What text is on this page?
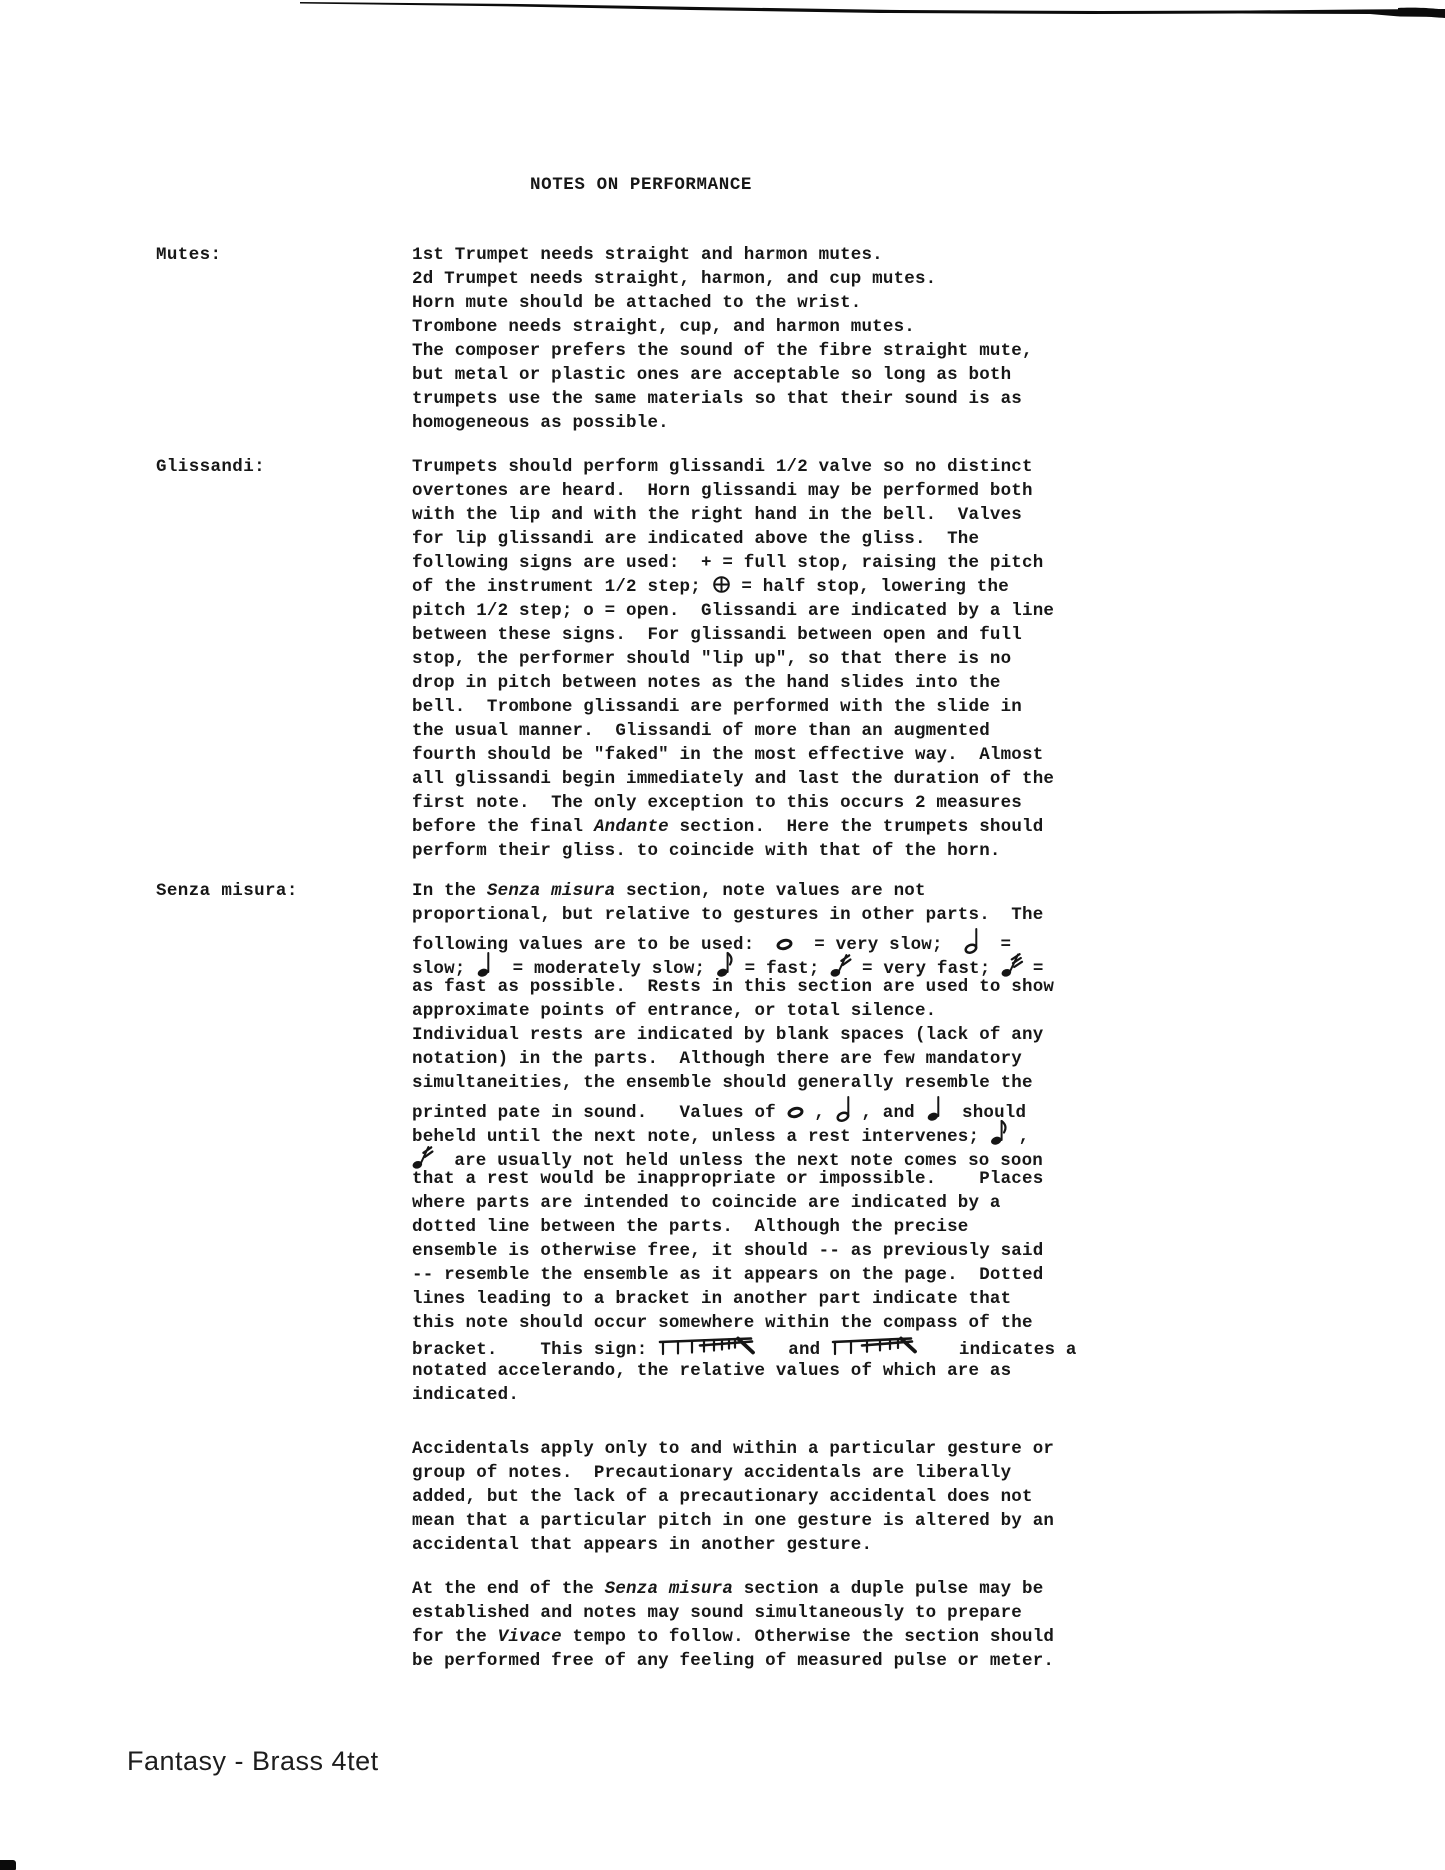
NOTES ON PERFORMANCE
Mutes:	1st Trumpet needs straight and harmon mutes.
2d Trumpet needs straight, harmon, and cup mutes.
Horn mute should be attached to the wrist.
Trombone needs straight, cup, and harmon mutes.
The composer prefers the sound of the fibre straight mute,
but metal or plastic ones are acceptable so long as both
trumpets use the same materials so that their sound is as
homogeneous as possible.
Glissandi:	Trumpets should perform glissandi 1/2 valve so no distinct
overtones are heard.  Horn glissandi may be performed both
with the lip and with the right hand in the bell.  Valves
for lip glissandi are indicated above the gliss.  The
following signs are used:  + = full stop, raising the pitch
of the instrument 1/2 step;  = half stop, lowering the
pitch 1/2 step; o = open.  Glissandi are indicated by a line
between these signs.  For glissandi between open and full
stop, the performer should "lip up", so that there is no
drop in pitch between notes as the hand slides into the
bell.  Trombone glissandi are performed with the slide in
the usual manner.  Glissandi of more than an augmented
fourth should be "faked" in the most effective way.  Almost
all glissandi begin immediately and last the duration of the
first note.  The only exception to this occurs 2 measures
before the final Andante section.  Here the trumpets should
perform their gliss. to coincide with that of the horn.
Senza misura:	In the Senza misura section, note values are not
proportional, but relative to gestures in other parts.  The
following values are to be used:    = very slow;    =
slow;   = moderately slow;  = fast;  = very fast;  =
as fast as possible.  Rests in this section are used to show
approximate points of entrance, or total silence.
Individual rests are indicated by blank spaces (lack of any
notation) in the parts.  Although there are few mandatory
simultaneities, the ensemble should generally resemble the
printed pate in sound.   Values of  ,  , and   should
beheld until the next note, unless a rest intervenes;  ,
are usually not held unless the next note comes so soon
that a rest would be inappropriate or impossible.    Places
where parts are intended to coincide are indicated by a
dotted line between the parts.  Although the precise
ensemble is otherwise free, it should -- as previously said
-- resemble the ensemble as it appears on the page.  Dotted
lines leading to a bracket in another part indicate that
this note should occur somewhere within the compass of the
bracket.    This sign:	and	indicates a
notated accelerando, the relative values of which are as
indicated.
Accidentals apply only to and within a particular gesture or
group of notes.  Precautionary accidentals are liberally
added, but the lack of a precautionary accidental does not
mean that a particular pitch in one gesture is altered by an
accidental that appears in another gesture.
At the end of the Senza misura section a duple pulse may be
established and notes may sound simultaneously to prepare
for the Vivace tempo to follow. Otherwise the section should
be performed free of any feeling of measured pulse or meter.
Fantasy - Brass 4tet
